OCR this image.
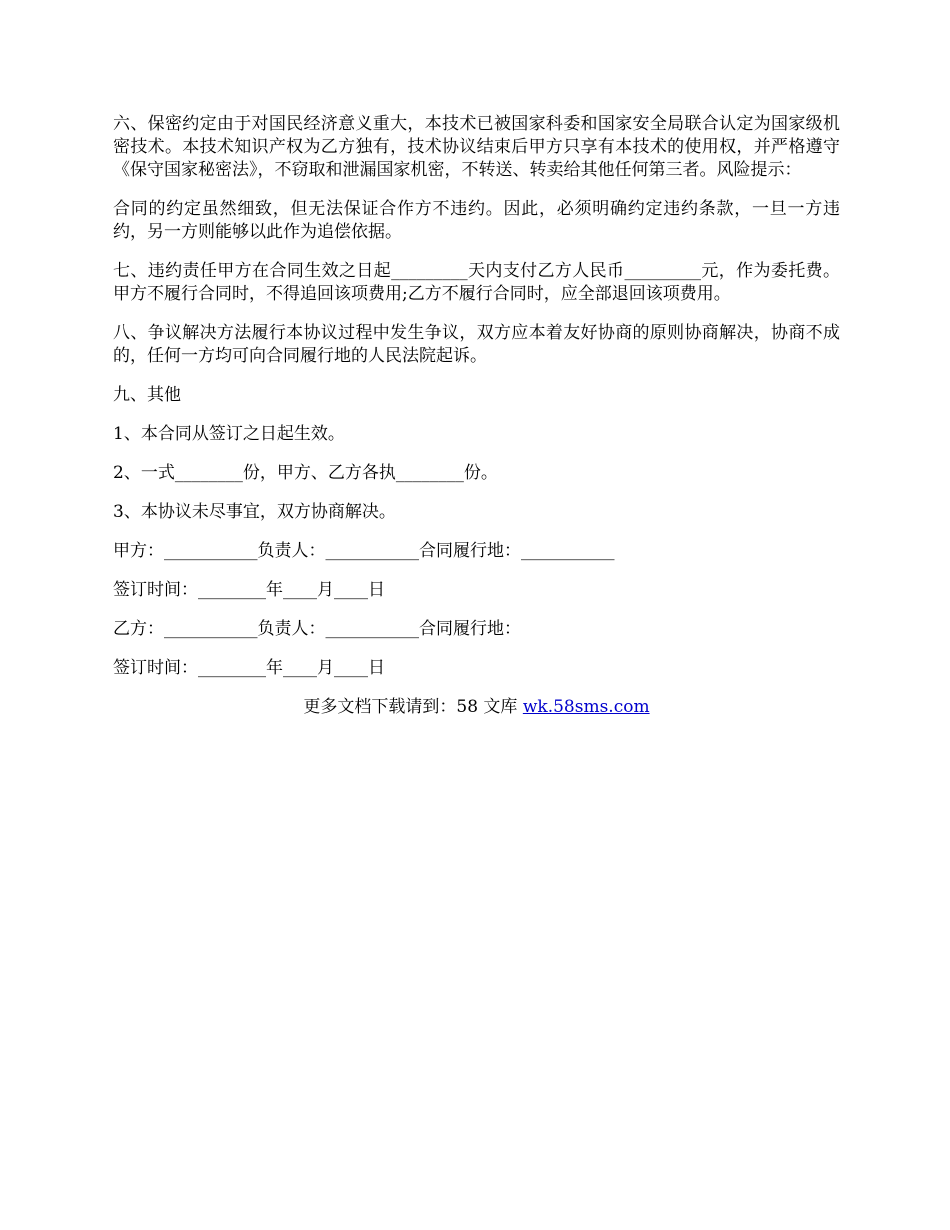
六、保密约定由于对国民经济意义重大，本技术已被国家科委和国家安全局联合认定为国家级机密技术。本技术知识产权为乙方独有，技术协议结束后甲方只享有本技术的使用权，并严格遵守《保守国家秘密法》，不窃取和泄漏国家机密，不转送、转卖给其他任何第三者。风险提示：

合同的约定虽然细致，但无法保证合作方不违约。因此，必须明确约定违约条款，一旦一方违约，另一方则能够以此作为追偿依据。

七、违约责任甲方在合同生效之日起_________天内支付乙方人民币_________元，作为委托费。甲方不履行合同时，不得追回该项费用;乙方不履行合同时，应全部退回该项费用。

八、争议解决方法履行本协议过程中发生争议，双方应本着友好协商的原则协商解决，协商不成的，任何一方均可向合同履行地的人民法院起诉。

九、其他

1、本合同从签订之日起生效。

2、一式________份，甲方、乙方各执________份。

3、本协议未尽事宜，双方协商解决。

甲方：___________负责人：___________合同履行地：___________

签订时间：________年____月____日

乙方：___________负责人：___________合同履行地：

签订时间：________年____月____日

更多文档下载请到：58 文库 wk.58sms.com
